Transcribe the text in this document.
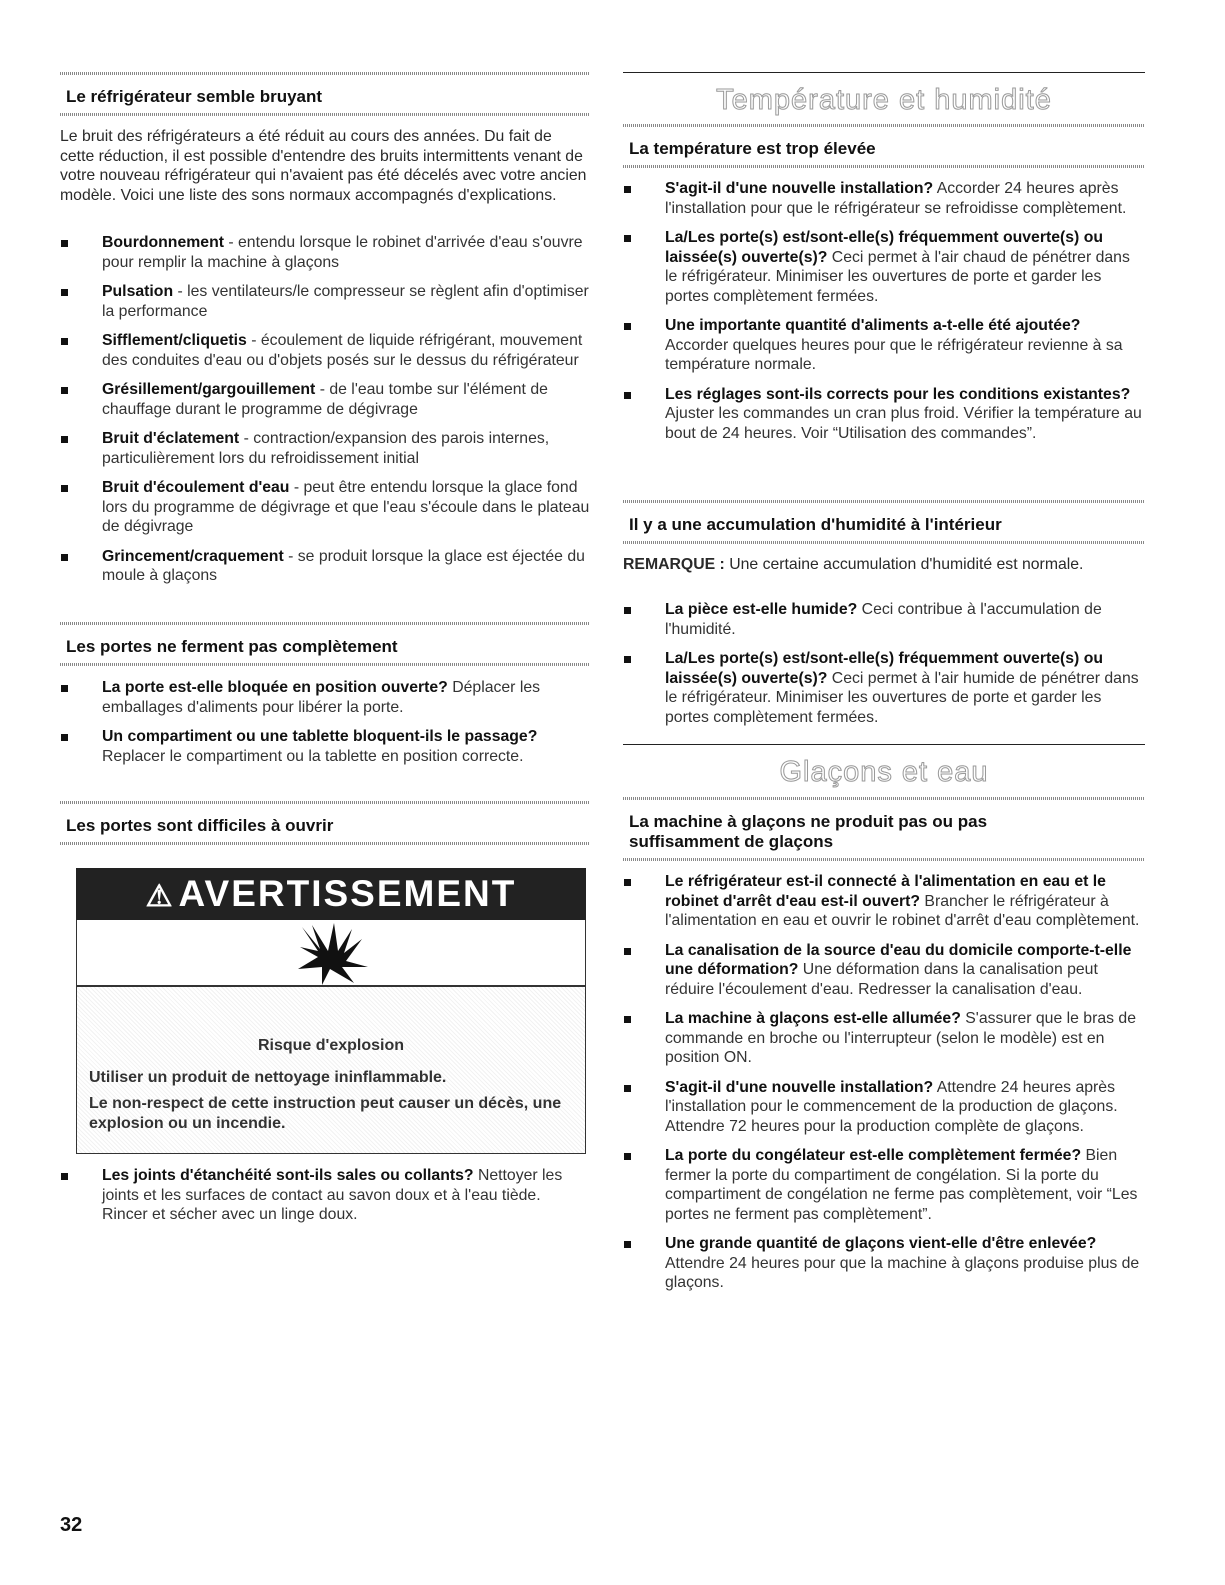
Le réfrigérateur semble bruyant

Le bruit des réfrigérateurs a été réduit au cours des années. Du fait de cette réduction, il est possible d'entendre des bruits intermittents venant de votre nouveau réfrigérateur qui n'avaient pas été décelés avec votre ancien modèle. Voici une liste des sons normaux accompagnés d'explications.

Bourdonnement - entendu lorsque le robinet d'arrivée d'eau s'ouvre pour remplir la machine à glaçons
Pulsation - les ventilateurs/le compresseur se règlent afin d'optimiser la performance
Sifflement/cliquetis - écoulement de liquide réfrigérant, mouvement des conduites d'eau ou d'objets posés sur le dessus du réfrigérateur
Grésillement/gargouillement - de l'eau tombe sur l'élément de chauffage durant le programme de dégivrage
Bruit d'éclatement - contraction/expansion des parois internes, particulièrement lors du refroidissement initial
Bruit d'écoulement d'eau - peut être entendu lorsque la glace fond lors du programme de dégivrage et que l'eau s'écoule dans le plateau de dégivrage
Grincement/craquement - se produit lorsque la glace est éjectée du moule à glaçons
Les portes ne ferment pas complètement
La porte est-elle bloquée en position ouverte? Déplacer les emballages d'aliments pour libérer la porte.
Un compartiment ou une tablette bloquent-ils le passage? Replacer le compartiment ou la tablette en position correcte.
Les portes sont difficiles à ouvrir
Les joints d'étanchéité sont-ils sales ou collants? Nettoyer les joints et les surfaces de contact au savon doux et à l'eau tiède. Rincer et sécher avec un linge doux.
⚠ AVERTISSEMENT
Risque d'explosion
Utiliser un produit de nettoyage ininflammable.
Le non-respect de cette instruction peut causer un décès, une explosion ou un incendie.
Température et humidité
La température est trop élevée
S'agit-il d'une nouvelle installation? Accorder 24 heures après l'installation pour que le réfrigérateur se refroidisse complètement.
La/Les porte(s) est/sont-elle(s) fréquemment ouverte(s) ou laissée(s) ouverte(s)? Ceci permet à l'air chaud de pénétrer dans le réfrigérateur. Minimiser les ouvertures de porte et garder les portes complètement fermées.
Une importante quantité d'aliments a-t-elle été ajoutée? Accorder quelques heures pour que le réfrigérateur revienne à sa température normale.
Les réglages sont-ils corrects pour les conditions existantes? Ajuster les commandes un cran plus froid. Vérifier la température au bout de 24 heures. Voir “Utilisation des commandes”.
Il y a une accumulation d'humidité à l'intérieur

REMARQUE : Une certaine accumulation d'humidité est normale.

La pièce est-elle humide? Ceci contribue à l'accumulation de l'humidité.
La/Les porte(s) est/sont-elle(s) fréquemment ouverte(s) ou laissée(s) ouverte(s)? Ceci permet à l'air humide de pénétrer dans le réfrigérateur. Minimiser les ouvertures de porte et garder les portes complètement fermées.
Glaçons et eau
La machine à glaçons ne produit pas ou pas suffisamment de glaçons
Le réfrigérateur est-il connecté à l'alimentation en eau et le robinet d'arrêt d'eau est-il ouvert? Brancher le réfrigérateur à l'alimentation en eau et ouvrir le robinet d'arrêt d'eau complètement.
La canalisation de la source d'eau du domicile comporte-t-elle une déformation? Une déformation dans la canalisation peut réduire l'écoulement d'eau. Redresser la canalisation d'eau.
La machine à glaçons est-elle allumée? S'assurer que le bras de commande en broche ou l'interrupteur (selon le modèle) est en position ON.
S'agit-il d'une nouvelle installation? Attendre 24 heures après l'installation pour le commencement de la production de glaçons. Attendre 72 heures pour la production complète de glaçons.
La porte du congélateur est-elle complètement fermée? Bien fermer la porte du compartiment de congélation. Si la porte du compartiment de congélation ne ferme pas complètement, voir “Les portes ne ferment pas complètement”.
Une grande quantité de glaçons vient-elle d'être enlevée? Attendre 24 heures pour que la machine à glaçons produise plus de glaçons.
32
